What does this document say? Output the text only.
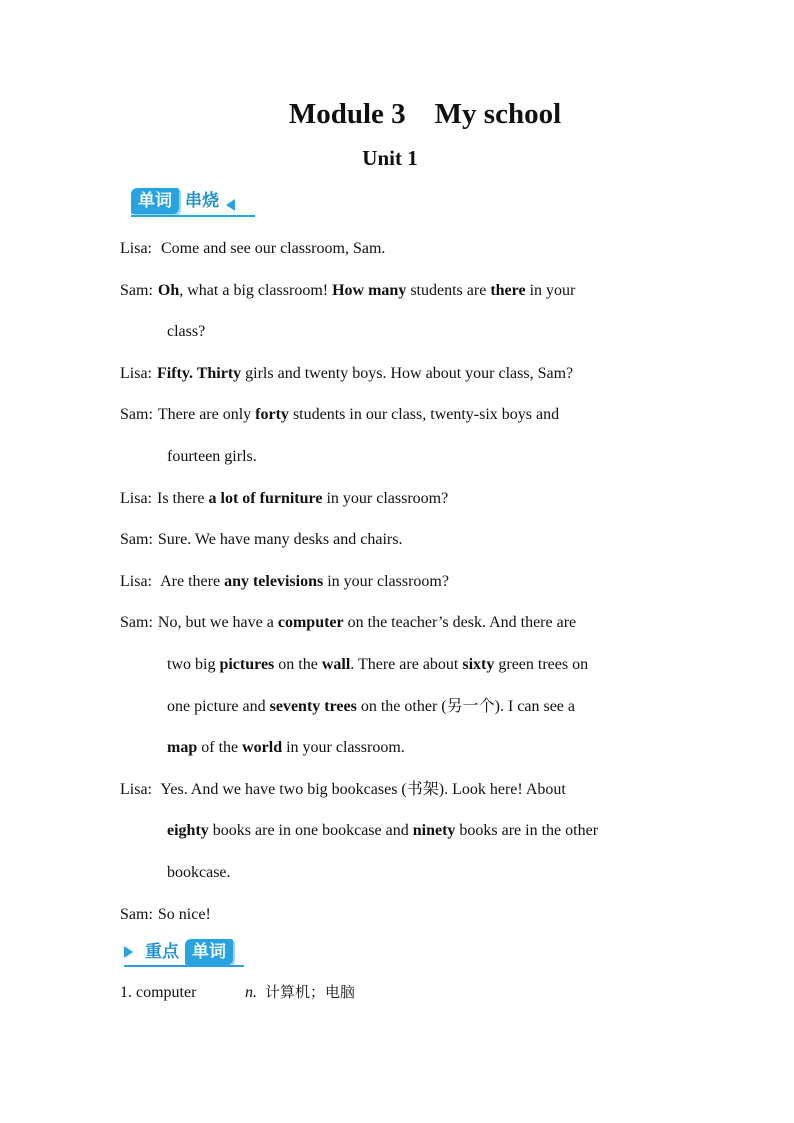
Module 3    My school
Unit 1
单词 串烧
Lisa: Come and see our classroom, Sam.
Sam: Oh, what a big classroom! How many students are there in your
class?
Lisa: Fifty. Thirty girls and twenty boys. How about your class, Sam?
Sam: There are only forty students in our class, twenty-six boys and
fourteen girls.
Lisa: Is there a lot of furniture in your classroom?
Sam: Sure. We have many desks and chairs.
Lisa: Are there any televisions in your classroom?
Sam: No, but we have a computer on the teacher’s desk. And there are
two big pictures on the wall. There are about sixty green trees on
one picture and seventy trees on the other (另一个). I can see a
map of the world in your classroom.
Lisa: Yes. And we have two big bookcases (书架). Look here! About
eighty books are in one bookcase and ninety books are in the other
bookcase.
Sam: So nice!
重点 单词
1. computer	n. 计算机；电脑
